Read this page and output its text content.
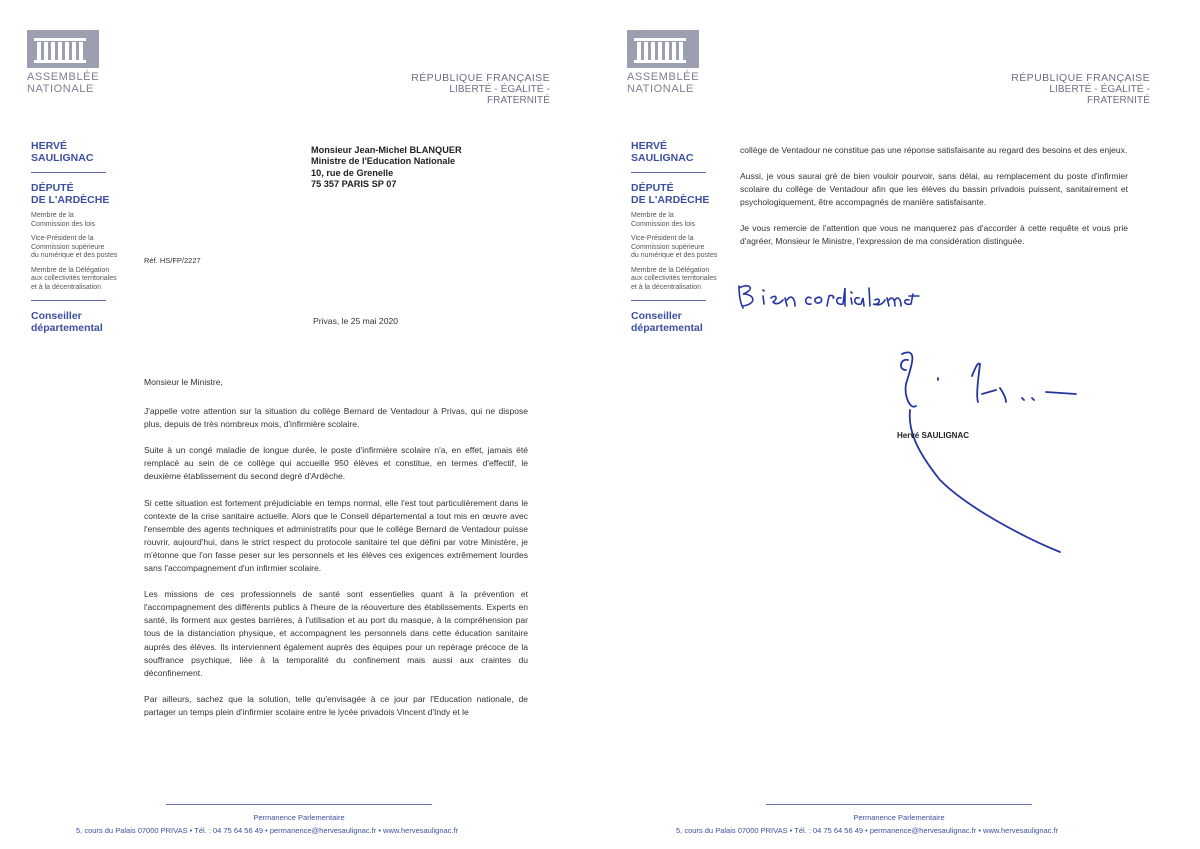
ASSEMBLÉE
NATIONALE
RÉPUBLIQUE FRANÇAISE
LIBERTÉ - ÉGALITÉ - FRATERNITÉ
HERVÉ
SAULIGNAC
DÉPUTÉ
DE L'ARDÈCHE
Membre de la
Commission des lois
Vice-Président de la
Commission supérieure
du numérique et des postes
Membre de la Délégation
aux collectivités territoriales
et à la décentralisation
Conseiller
départemental
Monsieur Jean-Michel BLANQUER
Ministre de l'Education Nationale
10, rue de Grenelle
75 357 PARIS SP 07
Réf. HS/FP/2227
Privas, le 25 mai 2020

Monsieur le Ministre,

J'appelle votre attention sur la situation du collège Bernard de Ventadour à Privas, qui ne dispose plus, depuis de très nombreux mois, d'infirmière scolaire.

Suite à un congé maladie de longue durée, le poste d'infirmière scolaire n'a, en effet, jamais été remplacé au sein de ce collège qui accueille 950 élèves et constitue, en termes d'effectif, le deuxième établissement du second degré d'Ardèche.

Si cette situation est fortement préjudiciable en temps normal, elle l'est tout particulièrement dans le contexte de la crise sanitaire actuelle. Alors que le Conseil départemental a tout mis en œuvre avec l'ensemble des agents techniques et administratifs pour que le collège Bernard de Ventadour puisse rouvrir, aujourd'hui, dans le strict respect du protocole sanitaire tel que défini par votre Ministère, je m'étonne que l'on fasse peser sur les personnels et les élèves ces exigences extrêmement lourdes sans l'accompagnement d'un infirmier scolaire.

Les missions de ces professionnels de santé sont essentielles quant à la prévention et l'accompagnement des différents publics à l'heure de la réouverture des établissements. Experts en santé, ils forment aux gestes barrières, à l'utilisation et au port du masque, à la compréhension par tous de la distanciation physique, et accompagnent les personnels dans cette éducation sanitaire auprès des élèves. Ils interviennent également auprès des équipes pour un repérage précoce de la souffrance psychique, liée à la temporalité du confinement mais aussi aux craintes du déconfinement.

Par ailleurs, sachez que la solution, telle qu'envisagée à ce jour par l'Education nationale, de partager un temps plein d'infirmier scolaire entre le lycée privadois Vincent d'Indy et le

Permanence Parlementaire
5, cours du Palais 07000 PRIVAS • Tél. : 04 75 64 56 49 • permanence@hervesaulignac.fr • www.hervesaulignac.fr
ASSEMBLÉE
NATIONALE
RÉPUBLIQUE FRANÇAISE
LIBERTÉ - ÉGALITÉ - FRATERNITÉ
HERVÉ
SAULIGNAC
DÉPUTÉ
DE L'ARDÈCHE
Membre de la
Commission des lois
Vice-Président de la
Commission supérieure
du numérique et des postes
Membre de la Délégation
aux collectivités territoriales
et à la décentralisation
Conseiller
départemental

collège de Ventadour ne constitue pas une réponse satisfaisante au regard des besoins et des enjeux.

Aussi, je vous saurai gré de bien vouloir pourvoir, sans délai, au remplacement du poste d'infirmier scolaire du collège de Ventadour afin que les élèves du bassin privadois puissent, sanitairement et psychologiquement, être accompagnés de manière satisfaisante.

Je vous remercie de l'attention que vous ne manquerez pas d'accorder à cette requête et vous prie d'agréer, Monsieur le Ministre, l'expression de ma considération distinguée.

Hervé SAULIGNAC
Permanence Parlementaire
5, cours du Palais 07000 PRIVAS • Tél. : 04 75 64 56 49 • permanence@hervesaulignac.fr • www.hervesaulignac.fr
